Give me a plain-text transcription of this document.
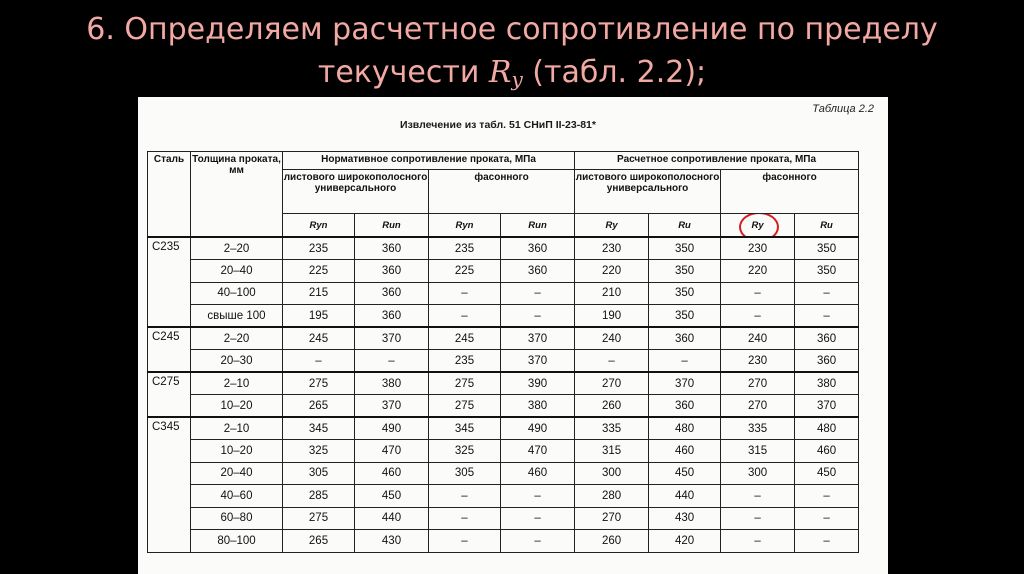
6. Определяем расчетное сопротивление по пределу
текучести $R_y$ (табл. 2.2);
Таблица 2.2
Извлечение из табл. 51 СНиП II-23-81*
Сталь	Толщина проката, мм	Нормативное сопротивление проката, МПа				Расчетное сопротивление проката, МПа			
		листового широкополосного универсального		фасонного		листового широкополосного универсального		фасонного	
		Rуn	Run	Rуn	Run	Rу	Ru	Rу	Ru
С235	2–20	235	360	235	360	230	350	230	350
	20–40	225	360	225	360	220	350	220	350
	40–100	215	360	–	–	210	350	–	–
	свыше 100	195	360	–	–	190	350	–	–
С245	2–20	245	370	245	370	240	360	240	360
	20–30	–	–	235	370	–	–	230	360
С275	2–10	275	380	275	390	270	370	270	380
	10–20	265	370	275	380	260	360	270	370
С345	2–10	345	490	345	490	335	480	335	480
	10–20	325	470	325	470	315	460	315	460
	20–40	305	460	305	460	300	450	300	450
	40–60	285	450	–	–	280	440	–	–
	60–80	275	440	–	–	270	430	–	–
	80–100	265	430	–	–	260	420	–	–
